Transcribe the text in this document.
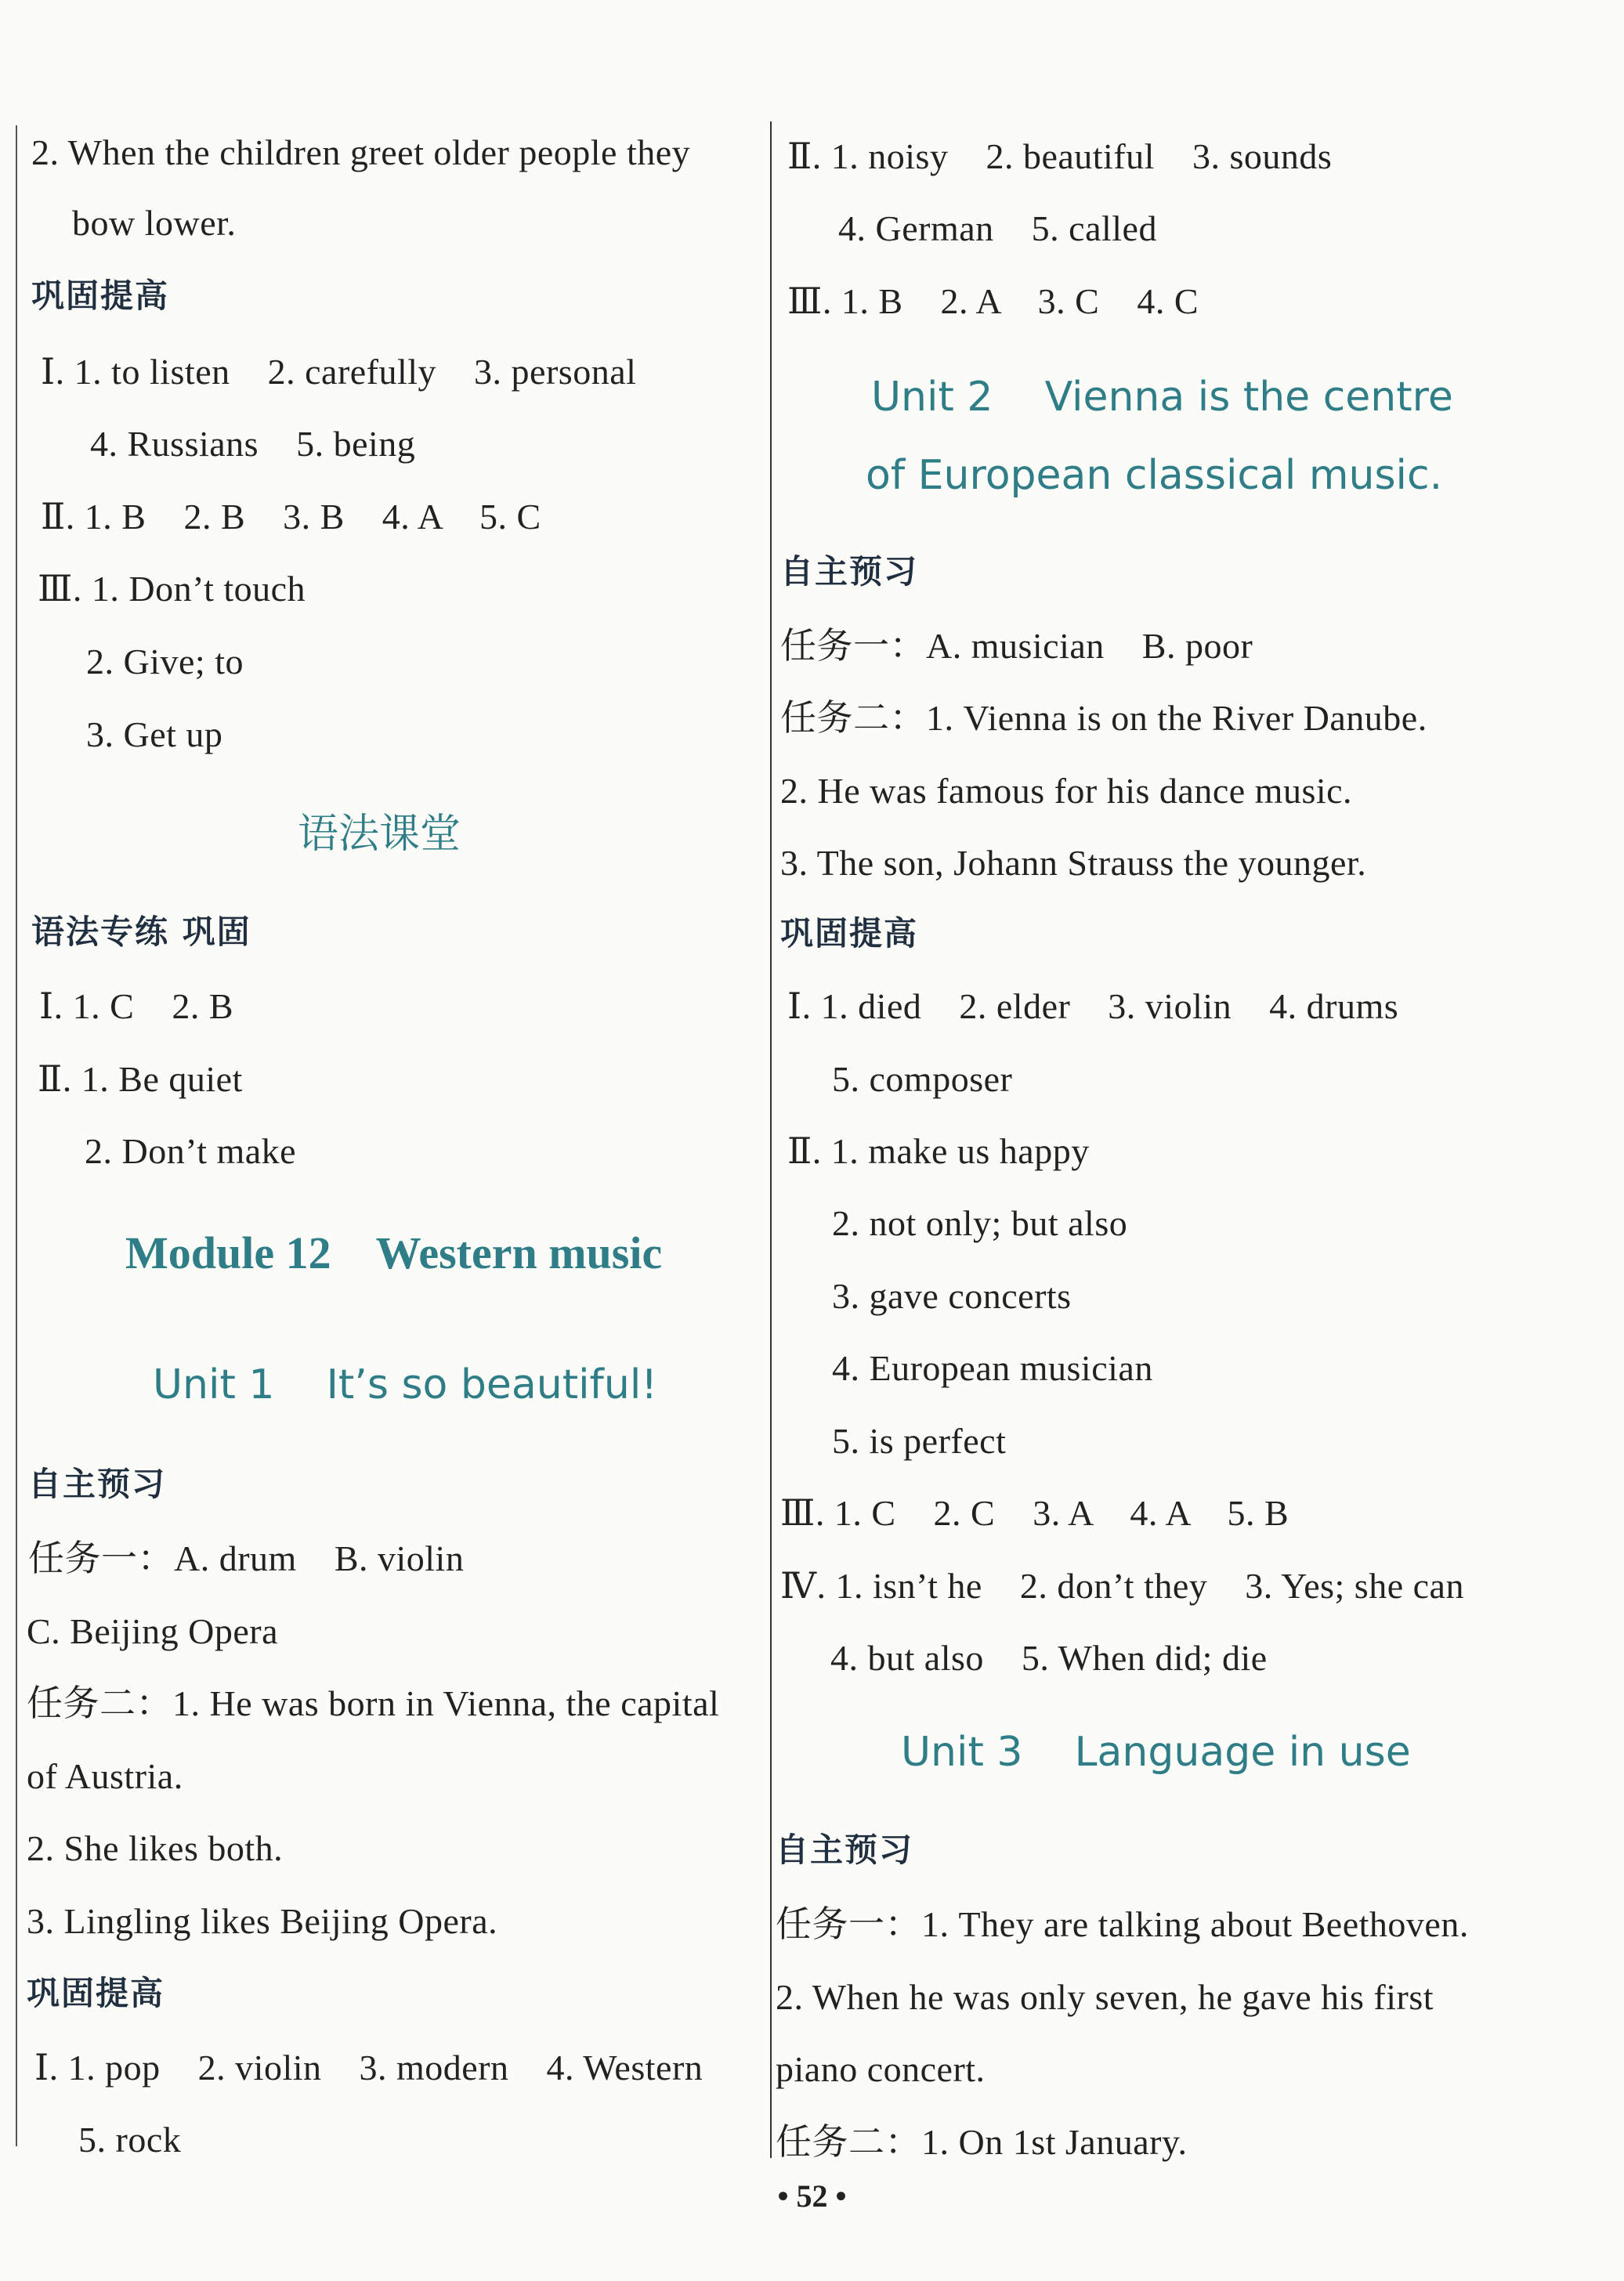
2. When the children greet older people they
bow lower.
巩固提高
Ⅰ. 1. to listen    2. carefully    3. personal
4. Russians    5. being
Ⅱ. 1. B    2. B    3. B    4. A    5. C
Ⅲ. 1. Don’t touch
2. Give; to
3. Get up
语法课堂
语法专练 巩固
Ⅰ. 1. C    2. B
Ⅱ. 1. Be quiet
2. Don’t make
Module 12    Western music
Unit 1    It’s so beautiful!
自主预习
任务一：A. drum    B. violin
C. Beijing Opera
任务二：1. He was born in Vienna, the capital
of Austria.
2. She likes both.
3. Lingling likes Beijing Opera.
巩固提高
Ⅰ. 1. pop    2. violin    3. modern    4. Western
5. rock
Ⅱ. 1. noisy    2. beautiful    3. sounds
4. German    5. called
Ⅲ. 1. B    2. A    3. C    4. C
Unit 2    Vienna is the centre
of European classical music.
自主预习
任务一：A. musician    B. poor
任务二：1. Vienna is on the River Danube.
2. He was famous for his dance music.
3. The son, Johann Strauss the younger.
巩固提高
Ⅰ. 1. died    2. elder    3. violin    4. drums
5. composer
Ⅱ. 1. make us happy
2. not only; but also
3. gave concerts
4. European musician
5. is perfect
Ⅲ. 1. C    2. C    3. A    4. A    5. B
Ⅳ. 1. isn’t he    2. don’t they    3. Yes; she can
4. but also    5. When did; die
Unit 3    Language in use
自主预习
任务一：1. They are talking about Beethoven.
2. When he was only seven, he gave his first
piano concert.
任务二：1. On 1st January.
• 52 •
